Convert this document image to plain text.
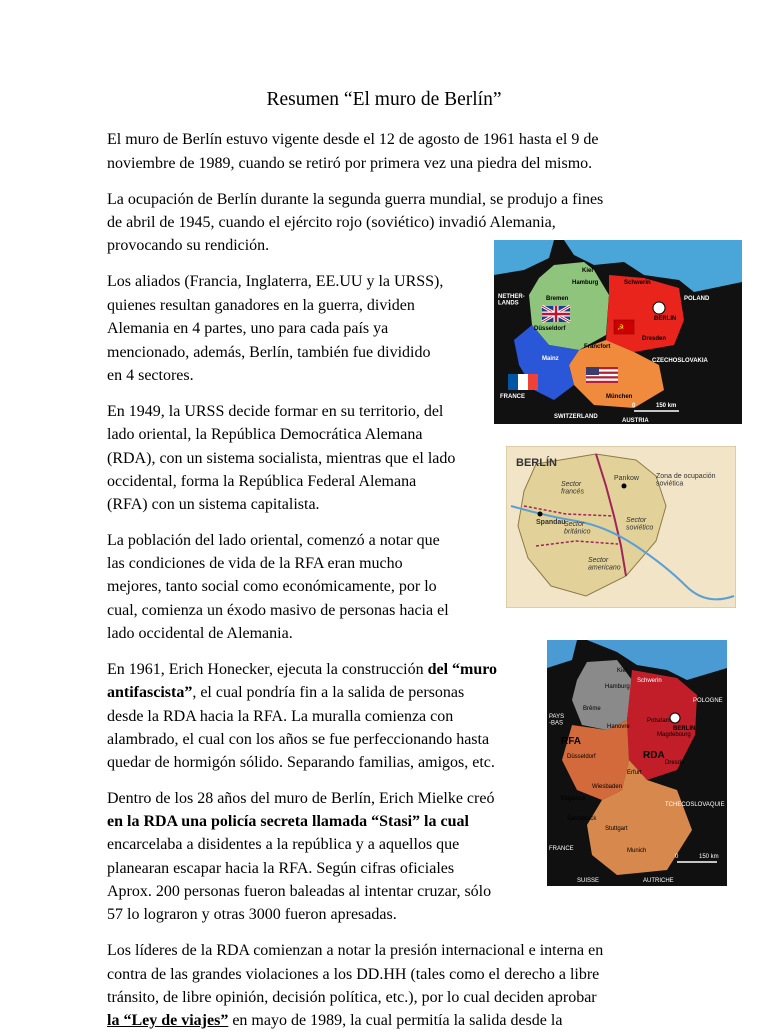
Resumen “El muro de Berlín”
El muro de Berlín estuvo vigente desde el 12 de agosto de 1961 hasta el 9 de
noviembre de 1989, cuando se retiró por primera vez una piedra del mismo.
La ocupación de Berlín durante la segunda guerra mundial, se produjo a fines
de abril de 1945, cuando el ejército rojo (soviético) invadió Alemania,
provocando su rendición.
Los aliados (Francia, Inglaterra, EE.UU y la URSS),
quienes resultan ganadores en la guerra, dividen
Alemania en 4 partes, uno para cada país ya
mencionado, además, Berlín, también fue dividido
en 4 sectores.
En 1949, la URSS decide formar en su territorio, del
lado oriental, la República Democrática Alemana
(RDA), con un sistema socialista, mientras que el lado
occidental, forma la República Federal Alemana
(RFA) con un sistema capitalista.
La población del lado oriental, comenzó a notar que
las condiciones de vida de la RFA eran mucho
mejores, tanto social como económicamente, por lo
cual, comienza un éxodo masivo de personas hacia el
lado occidental de Alemania.
En 1961, Erich Honecker, ejecuta la construcción del “muro
antifascista”, el cual pondría fin a la salida de personas
desde la RDA hacia la RFA. La muralla comienza con
alambrado, el cual con los años se fue perfeccionando hasta
quedar de hormigón sólido. Separando familias, amigos, etc.
Dentro de los 28 años del muro de Berlín, Erich Mielke creó
en la RDA una policía secreta llamada “Stasi” la cual
encarcelaba a disidentes a la república y a aquellos que
planearan escapar hacia la RFA. Según cifras oficiales
Aprox. 200 personas fueron baleadas al intentar cruzar, sólo
57 lo lograron y otras 3000 fueron apresadas.
Los líderes de la RDA comienzan a notar la presión internacional e interna en
contra de las grandes violaciones a los DD.HH (tales como el derecho a libre
tránsito, de libre opinión, decisión política, etc.), por lo cual deciden aprobar
la “Ley de viajes” en mayo de 1989, la cual permitía la salida desde la
☭
Kiel
Hamburg
Bremen
Schwerin
BERLIN
Dresden
Düsseldorf
Francfort
Mainz
München
NETHER-LANDS
POLAND
CZECHOSLOVAKIA
FRANCE
SWITZERLAND
AUSTRIA
0	150 km
BERLÍN
Pankow
Spandau
Zona de ocupación soviética
Sector francés
Sector británico
Sector soviético
Sector americano
Kiel
Hamburg
Brême
Hanovre
Potsdam
Magdebourg
Düsseldorf
Erfurt
Dresde
Wiesbaden
Mayence
Stuttgart
Sarrebruck
Munich
RFA
RDA
Schwerin
BERLIN
PAYS -BAS
POLOGNE
TCHECOSLOVAQUIE
FRANCE
SUISSE	AUTRICHE
0	150 km
